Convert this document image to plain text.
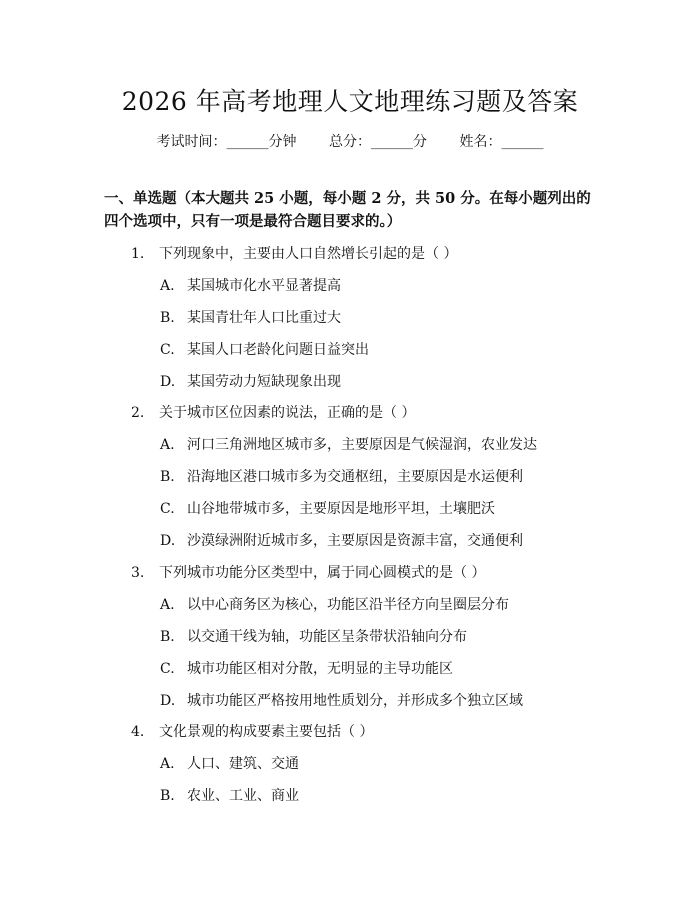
2026 年高考地理人文地理练习题及答案
考试时间：______分钟 总分：______分 姓名：______
一、单选题（本大题共 25 小题，每小题 2 分，共 50 分。在每小题列出的四个选项中，只有一项是最符合题目要求的。）
1. 下列现象中，主要由人口自然增长引起的是（ ）
A. 某国城市化水平显著提高
B. 某国青壮年人口比重过大
C. 某国人口老龄化问题日益突出
D. 某国劳动力短缺现象出现
2. 关于城市区位因素的说法，正确的是（ ）
A. 河口三角洲地区城市多，主要原因是气候湿润，农业发达
B. 沿海地区港口城市多为交通枢纽，主要原因是水运便利
C. 山谷地带城市多，主要原因是地形平坦，土壤肥沃
D. 沙漠绿洲附近城市多，主要原因是资源丰富，交通便利
3. 下列城市功能分区类型中，属于同心圆模式的是（ ）
A. 以中心商务区为核心，功能区沿半径方向呈圈层分布
B. 以交通干线为轴，功能区呈条带状沿轴向分布
C. 城市功能区相对分散，无明显的主导功能区
D. 城市功能区严格按用地性质划分，并形成多个独立区域
4. 文化景观的构成要素主要包括（ ）
A. 人口、建筑、交通
B. 农业、工业、商业
